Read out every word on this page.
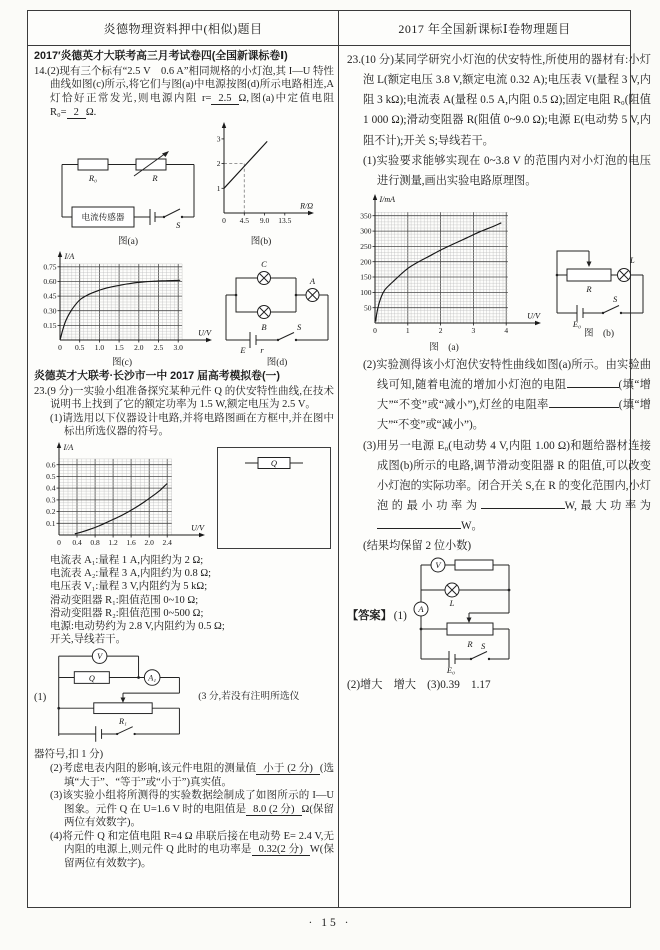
炎德物理资料押中(相似)题目	2017 年全国新课标Ⅰ卷物理题目
2017′炎德英才大联考高三月考试卷四(全国新课标卷Ⅰ)

14.(2)现有三个标有“2.5 V　0.6 A”相同规格的小灯泡,其 I—U 特性曲线如图(c)所示,将它们与图(a)中电源按图(d)所示电路相连,A 灯恰好正常发光,则电源内阻 r= 2.5 Ω,图(a)中定值电阻 R₀= 2 Ω.

R₀	R
电流传感器
S
图(a)
0 4.5 9.0 13.5
1
2
3
R/Ω
图(b)
0 0.5 1.0 1.5 2.0 2.5 3.0
0.15
0.30
0.45
0.60
0.75
U/V
I/A
图(c)
C
B
A
E r
S
图(d)
炎德英才大联考·长沙市一中 2017 届高考模拟卷(一)

23.(9 分)一实验小组准备探究某种元件 Q 的伏安特性曲线,在技术说明书上找到了它的额定功率为 1.5 W,额定电压为 2.5 V。

(1)请选用以下仪器设计电路,并将电路图画在方框中,并在图中标出所选仪器的符号。

0 0.4 0.8 1.2 1.6 2.0 2.4
0.1
0.2
0.3
0.4
0.5
0.6
U/V
I/A
Q
电流表 A₁:量程 1 A,内阻约为 2 Ω;
电流表 A₂:量程 3 A,内阻约为 0.8 Ω;
电压表 V₁:量程 3 V,内阻约为 5 kΩ;
滑动变阻器 R₁:阻值范围 0~10 Ω;
滑动变阻器 R₂:阻值范围 0~500 Ω;
电源:电动势约为 2.8 V,内阻约为 0.5 Ω;
开关,导线若干。
(1)
V
Q	A₁
R₁
(3 分,若没有注明所选仪

器符号,扣 1 分)

(2)考虑电表内阻的影响,该元件电阻的测量值 小于 (2 分) (选填“大于”、“等于”或“小于”)真实值。

(3)该实验小组将所测得的实验数据绘制成了如图所示的 I—U 图象。元件 Q 在 U=1.6 V 时的电阻值是 8.0 (2 分) Ω(保留两位有效数字)。

(4)将元件 Q 和定值电阻 R=4 Ω 串联后接在电动势 E= 2.4 V,无内阻的电源上,则元件 Q 此时的电功率是 0.32(2 分) W(保留两位有效数字)。

23.(10 分)某同学研究小灯泡的伏安特性,所使用的器材有:小灯泡 L(额定电压 3.8 V,额定电流 0.32 A);电压表 V(量程 3 V,内阻 3 kΩ);电流表 A(量程 0.5 A,内阻 0.5 Ω);固定电阻 R₀(阻值 1 000 Ω);滑动变阻器 R(阻值 0~9.0 Ω);电源 E(电动势 5 V,内阻不计);开关 S;导线若干。

(1)实验要求能够实现在 0~3.8 V 的范围内对小灯泡的电压进行测量,画出实验电路原理图。

0	1	2	3	4
50
100
150
200
250
300
350
U/V
I/mA
图　(a)
R
L
E₀
S
图　(b)

(2)实验测得该小灯泡伏安特性曲线如图(a)所示。由实验曲线可知,随着电流的增加小灯泡的电阻	(填“增大”“不变”或“减小”),灯丝的电阻率	(填“增大”“不变”或“减小”)。

(3)用另一电源 E₀(电动势 4 V,内阻 1.00 Ω)和题给器材连接成图(b)所示的电路,调节滑动变阻器 R 的阻值,可以改变小灯泡的实际功率。闭合开关 S,在 R 的变化范围内,小灯泡的最小功率为	W,最大功率为W。

(结果均保留 2 位小数)

【答案】 (1)
V
L
A
R
E₀
S

(2)增大　增大　(3)0.39　1.17

· 15 ·
